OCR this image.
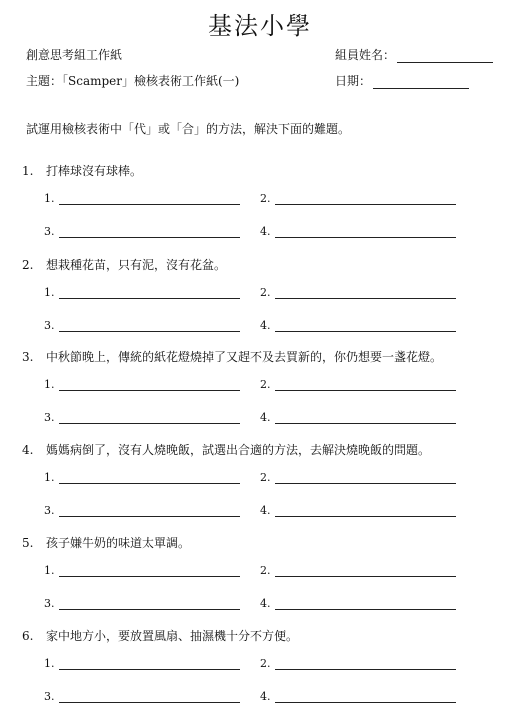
基法小學
創意思考組工作紙	組員姓名：
主題：「Scamper」檢核表術工作紙(一)	日期：
試運用檢核表術中「代」或「合」的方法，解決下面的難題。
1. 打棒球沒有球棒。
1.	2.
3.	4.
2. 想栽種花苗，只有泥，沒有花盆。
1.	2.
3.	4.
3. 中秋節晚上，傳統的紙花燈燒掉了又趕不及去買新的，你仍想要一盞花燈。
1.	2.
3.	4.
4. 媽媽病倒了，沒有人燒晚飯，試選出合適的方法，去解決燒晚飯的問題。
1.	2.
3.	4.
5. 孩子嫌牛奶的味道太單調。
1.	2.
3.	4.
6. 家中地方小，要放置風扇、抽濕機十分不方便。
1.	2.
3.	4.
